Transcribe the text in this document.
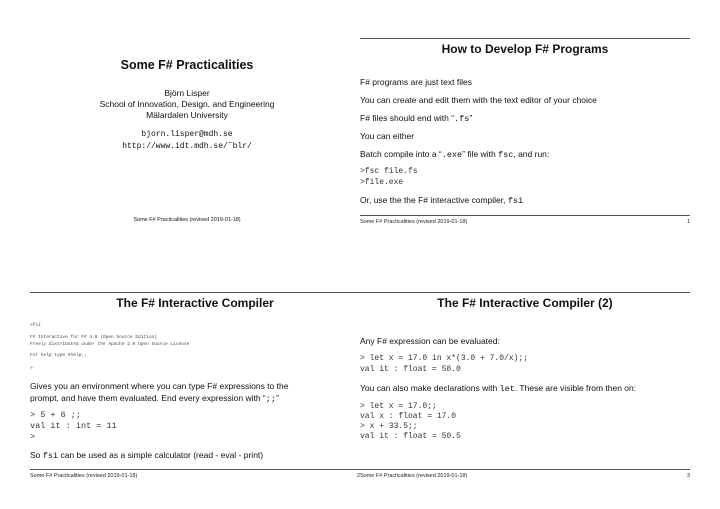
Some F# Practicalities
Björn Lisper
School of Innovation, Design, and Engineering
Mälardalen University
bjorn.lisper@mdh.se
http://www.idt.mdh.se/˜blr/
Some F# Practicalities (revised 2019-01-18)
How to Develop F# Programs
F# programs are just text files
You can create and edit them with the text editor of your choice
F# files should end with “.fs”
You can either
Batch compile into a “.exe” file with fsc, and run:
>fsc file.fs
>file.exe
Or, use the the F# interactive compiler, fsi
Some F# Practicalities (revised 2019-01-18)	1
The F# Interactive Compiler
>fsi
F# Interactive for F# 4.0 (Open Source Edition)
Freely distributed under the Apache 2.0 Open Source License
For help type #help;;
>
Gives you an environment where you can type F# expressions to the
prompt, and have them evaluated. End every expression with “;;”
> 5 + 6 ;;
val it : int = 11
>
So fsi can be used as a simple calculator (read - eval - print)
Some F# Practicalities (revised 2019-01-18)	2
The F# Interactive Compiler (2)
Any F# expression can be evaluated:
> let x = 17.0 in x*(3.0 + 7.0/x);;
val it : float = 58.0
You can also make declarations with let. These are visible from then on:
> let x = 17.0;;
val x : float = 17.0
> x + 33.5;;
val it : float = 50.5
Some F# Practicalities (revised 2019-01-18)	3
